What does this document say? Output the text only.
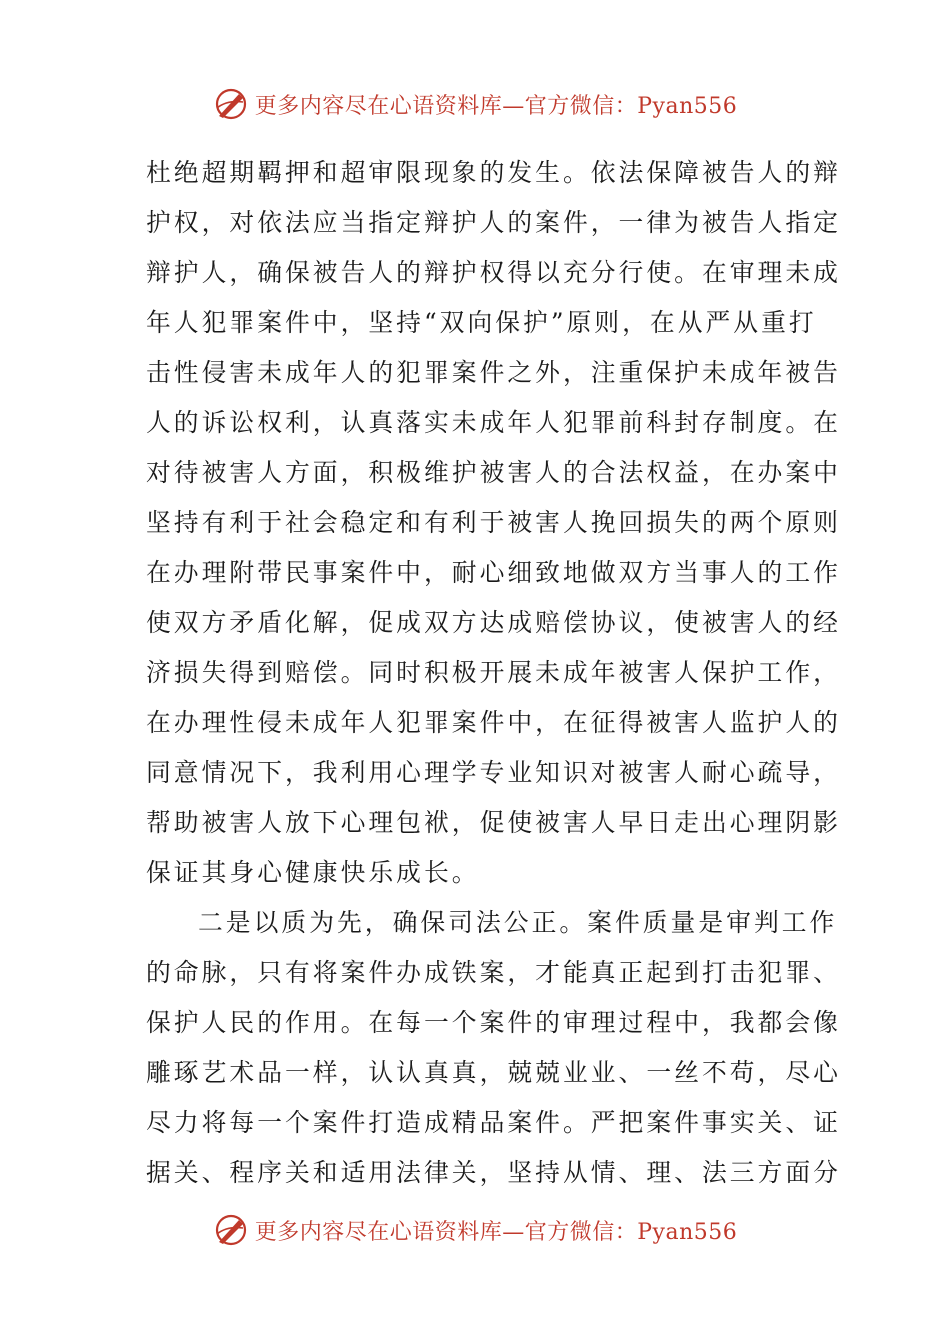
更多内容尽在心语资料库—官方微信：Pyan556
杜绝超期羁押和超审限现象的发生。依法保障被告人的辩
护权，对依法应当指定辩护人的案件，一律为被告人指定
辩护人，确保被告人的辩护权得以充分行使。在审理未成
年人犯罪案件中，坚持“双向保护”原则，在从严从重打
击性侵害未成年人的犯罪案件之外，注重保护未成年被告
人的诉讼权利，认真落实未成年人犯罪前科封存制度。在
对待被害人方面，积极维护被害人的合法权益，在办案中
坚持有利于社会稳定和有利于被害人挽回损失的两个原则
在办理附带民事案件中，耐心细致地做双方当事人的工作
使双方矛盾化解，促成双方达成赔偿协议，使被害人的经
济损失得到赔偿。同时积极开展未成年被害人保护工作，
在办理性侵未成年人犯罪案件中，在征得被害人监护人的
同意情况下，我利用心理学专业知识对被害人耐心疏导，
帮助被害人放下心理包袱，促使被害人早日走出心理阴影
保证其身心健康快乐成长。
二是以质为先，确保司法公正。案件质量是审判工作
的命脉，只有将案件办成铁案，才能真正起到打击犯罪、
保护人民的作用。在每一个案件的审理过程中，我都会像
雕琢艺术品一样，认认真真，兢兢业业、一丝不苟，尽心
尽力将每一个案件打造成精品案件。严把案件事实关、证
据关、程序关和适用法律关，坚持从情、理、法三方面分
更多内容尽在心语资料库—官方微信：Pyan556
